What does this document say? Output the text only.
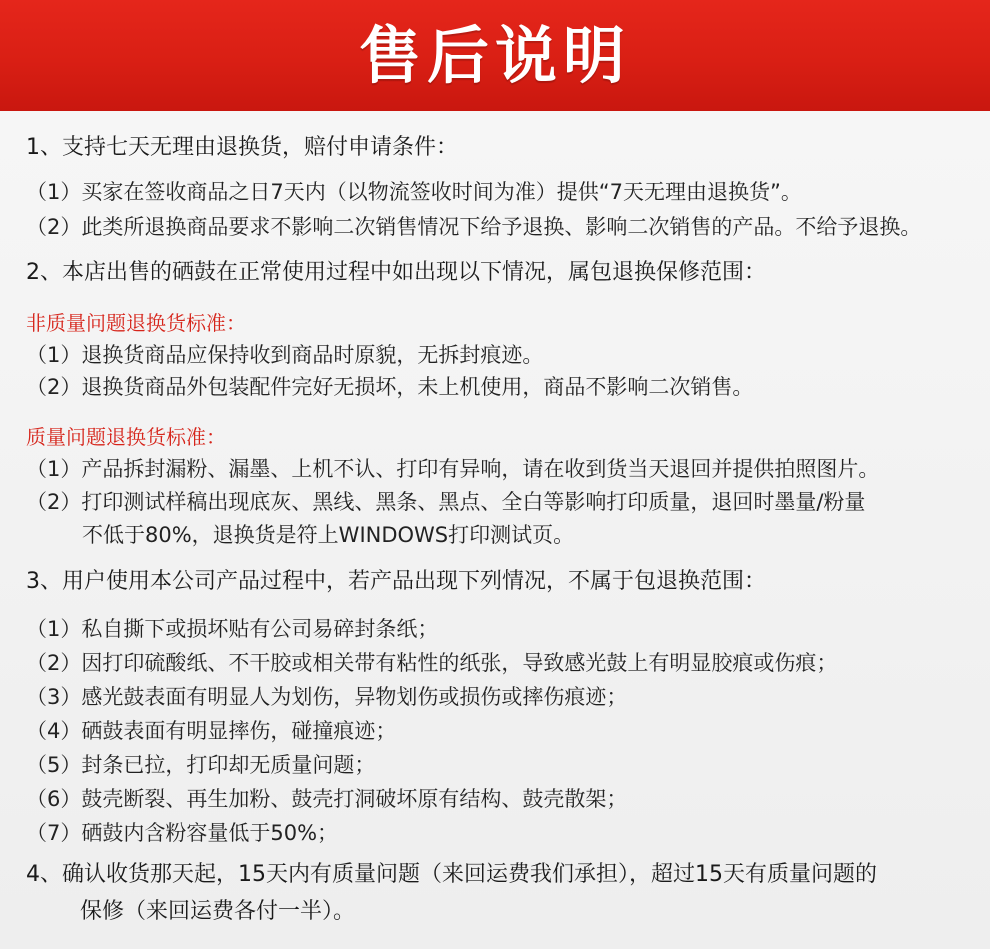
售后说明
1、支持七天无理由退换货，赔付申请条件：
（1）买家在签收商品之日7天内（以物流签收时间为准）提供“7天无理由退换货”。
（2）此类所退换商品要求不影响二次销售情况下给予退换、影响二次销售的产品。不给予退换。
2、本店出售的硒鼓在正常使用过程中如出现以下情况，属包退换保修范围：
非质量问题退换货标准：
（1）退换货商品应保持收到商品时原貌，无拆封痕迹。
（2）退换货商品外包装配件完好无损坏，未上机使用，商品不影响二次销售。
质量问题退换货标准：
（1）产品拆封漏粉、漏墨、上机不认、打印有异响，请在收到货当天退回并提供拍照图片。
（2）打印测试样稿出现底灰、黑线、黑条、黑点、全白等影响打印质量，退回时墨量/粉量
不低于80%，退换货是符上WINDOWS打印测试页。
3、用户使用本公司产品过程中，若产品出现下列情况，不属于包退换范围：
（1）私自撕下或损坏贴有公司易碎封条纸；
（2）因打印硫酸纸、不干胶或相关带有粘性的纸张，导致感光鼓上有明显胶痕或伤痕；
（3）感光鼓表面有明显人为划伤，异物划伤或损伤或摔伤痕迹；
（4）硒鼓表面有明显摔伤，碰撞痕迹；
（5）封条已拉，打印却无质量问题；
（6）鼓壳断裂、再生加粉、鼓壳打洞破坏原有结构、鼓壳散架；
（7）硒鼓内含粉容量低于50%；
4、确认收货那天起，15天内有质量问题（来回运费我们承担），超过15天有质量问题的
保修（来回运费各付一半）。
